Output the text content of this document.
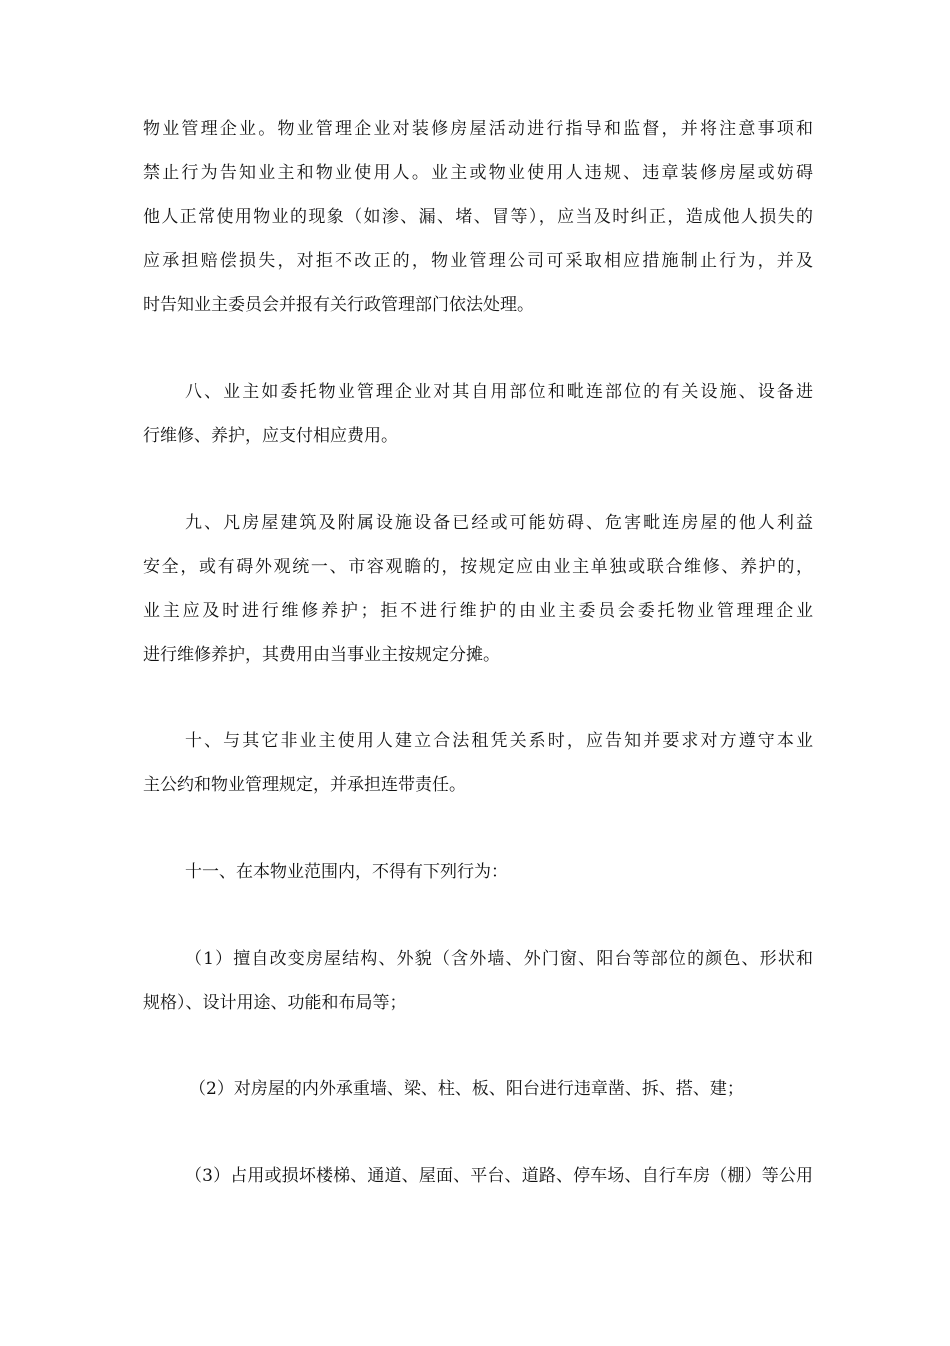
物业管理企业。物业管理企业对装修房屋活动进行指导和监督，并将注意事项和
禁止行为告知业主和物业使用人。业主或物业使用人违规、违章装修房屋或妨碍
他人正常使用物业的现象（如渗、漏、堵、冒等），应当及时纠正，造成他人损失的
应承担赔偿损失，对拒不改正的，物业管理公司可采取相应措施制止行为，并及
时告知业主委员会并报有关行政管理部门依法处理。
八、业主如委托物业管理企业对其自用部位和毗连部位的有关设施、设备进
行维修、养护，应支付相应费用。
九、凡房屋建筑及附属设施设备已经或可能妨碍、危害毗连房屋的他人利益
安全，或有碍外观统一、市容观瞻的，按规定应由业主单独或联合维修、养护的，
业主应及时进行维修养护；拒不进行维护的由业主委员会委托物业管理理企业
进行维修养护，其费用由当事业主按规定分摊。
十、与其它非业主使用人建立合法租凭关系时，应告知并要求对方遵守本业
主公约和物业管理规定，并承担连带责任。
十一、在本物业范围内，不得有下列行为：
（1）擅自改变房屋结构、外貌（含外墙、外门窗、阳台等部位的颜色、形状和
规格）、设计用途、功能和布局等；
（2）对房屋的内外承重墙、梁、柱、板、阳台进行违章凿、拆、搭、建；
（3）占用或损坏楼梯、通道、屋面、平台、道路、停车场、自行车房（棚）等公用
